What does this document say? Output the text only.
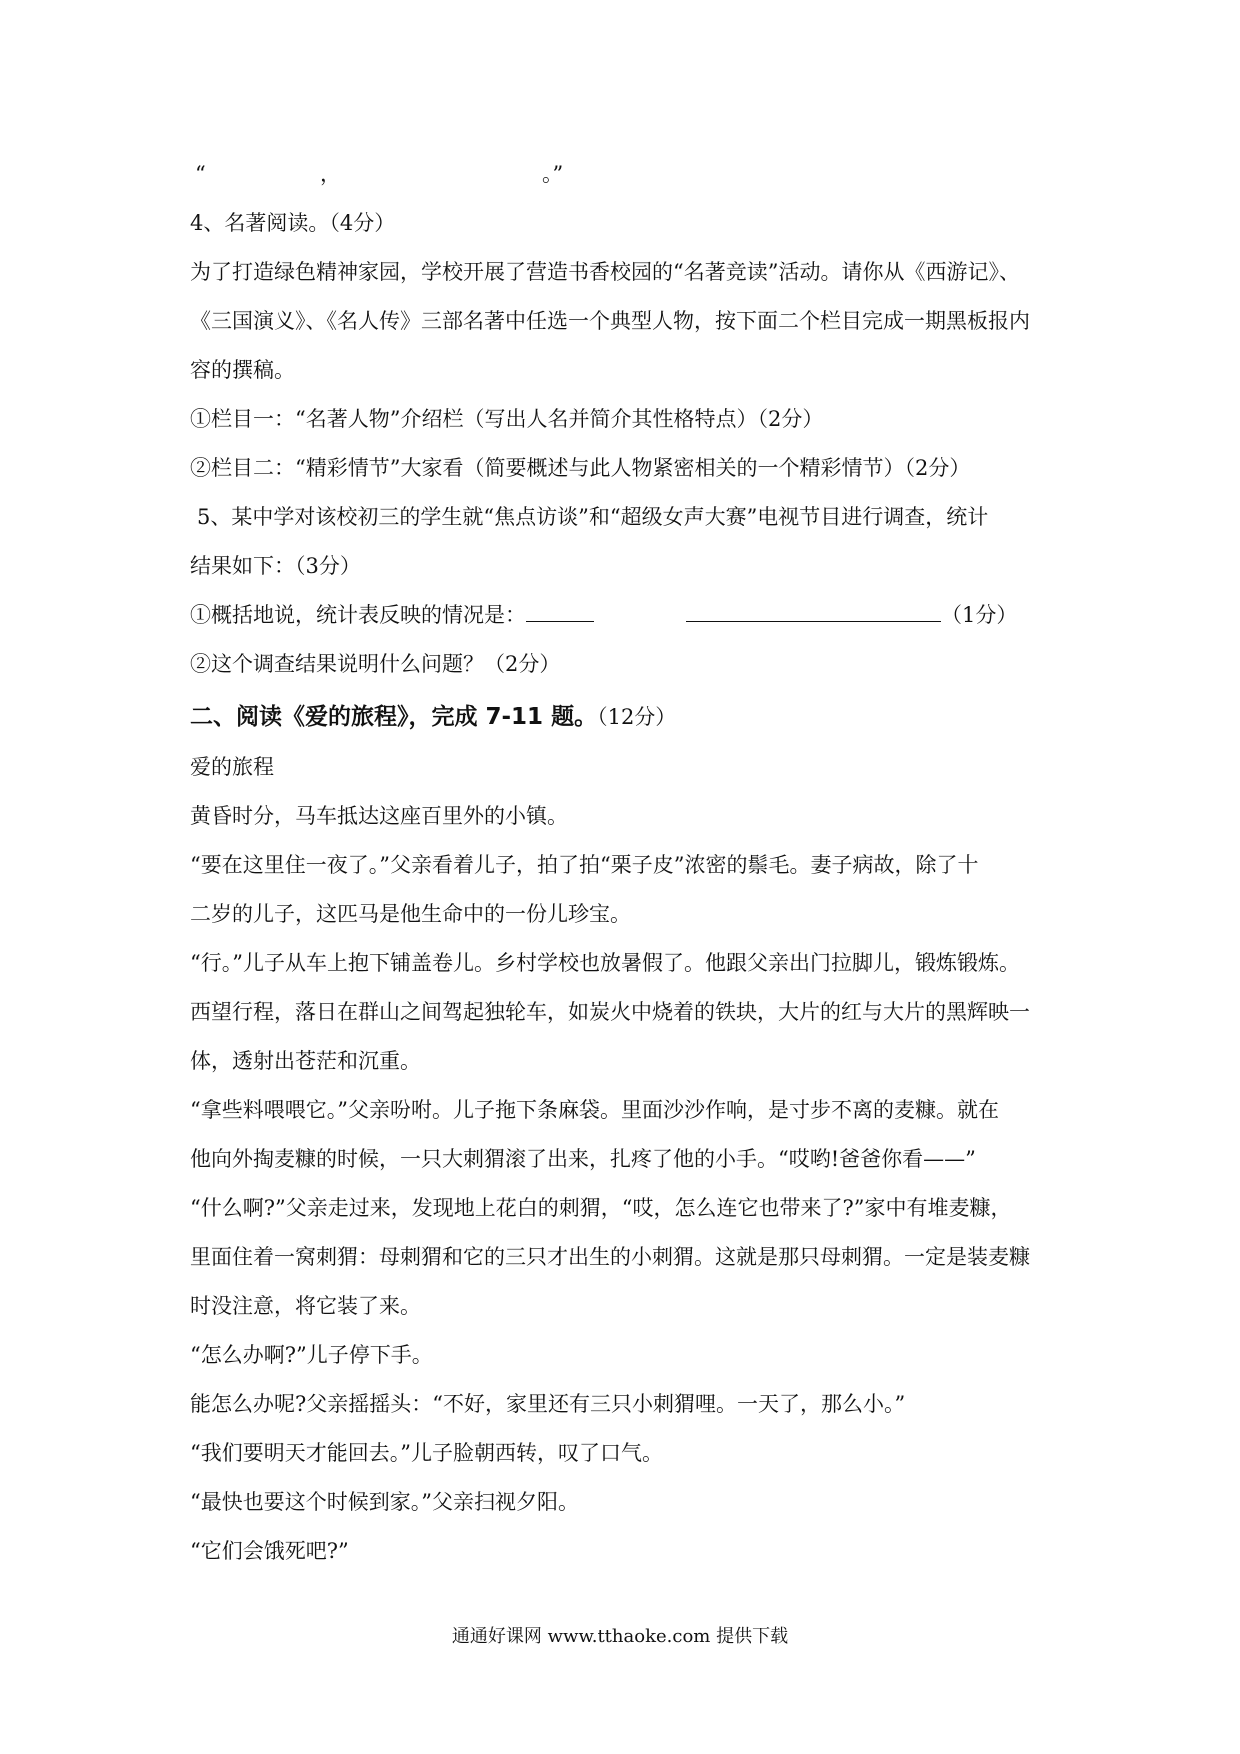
“	，	。”
4、名著阅读。（4分）
为了打造绿色精神家园，学校开展了营造书香校园的“名著竞读”活动。请你从《西游记》、
《三国演义》、《名人传》三部名著中任选一个典型人物，按下面二个栏目完成一期黑板报内
容的撰稿。
①栏目一：“名著人物”介绍栏（写出人名并简介其性格特点）（2分）
②栏目二：“精彩情节”大家看（简要概述与此人物紧密相关的一个精彩情节）（2分）
5、某中学对该校初三的学生就“焦点访谈”和“超级女声大赛”电视节目进行调查，统计
结果如下：（3分）
①概括地说，统计表反映的情况是：	（1分）
②这个调查结果说明什么问题？（2分）
二、阅读《爱的旅程》，完成 7-11 题。（12分）
爱的旅程
黄昏时分，马车抵达这座百里外的小镇。
“要在这里住一夜了。”父亲看着儿子，拍了拍“栗子皮”浓密的鬃毛。妻子病故，除了十
二岁的儿子，这匹马是他生命中的一份儿珍宝。
“行。”儿子从车上抱下铺盖卷儿。乡村学校也放暑假了。他跟父亲出门拉脚儿，锻炼锻炼。
西望行程，落日在群山之间驾起独轮车，如炭火中烧着的铁块，大片的红与大片的黑辉映一
体，透射出苍茫和沉重。
“拿些料喂喂它。”父亲吩咐。儿子拖下条麻袋。里面沙沙作响，是寸步不离的麦糠。就在
他向外掏麦糠的时候，一只大刺猬滚了出来，扎疼了他的小手。“哎哟!爸爸你看——”
“什么啊?”父亲走过来，发现地上花白的刺猬，“哎，怎么连它也带来了?”家中有堆麦糠，
里面住着一窝刺猬：母刺猬和它的三只才出生的小刺猬。这就是那只母刺猬。一定是装麦糠
时没注意，将它装了来。
“怎么办啊?”儿子停下手。
能怎么办呢?父亲摇摇头：“不好，家里还有三只小刺猬哩。一天了，那么小。”
“我们要明天才能回去。”儿子脸朝西转，叹了口气。
“最快也要这个时候到家。”父亲扫视夕阳。
“它们会饿死吧?”
通通好课网 www.tthaoke.com 提供下载
